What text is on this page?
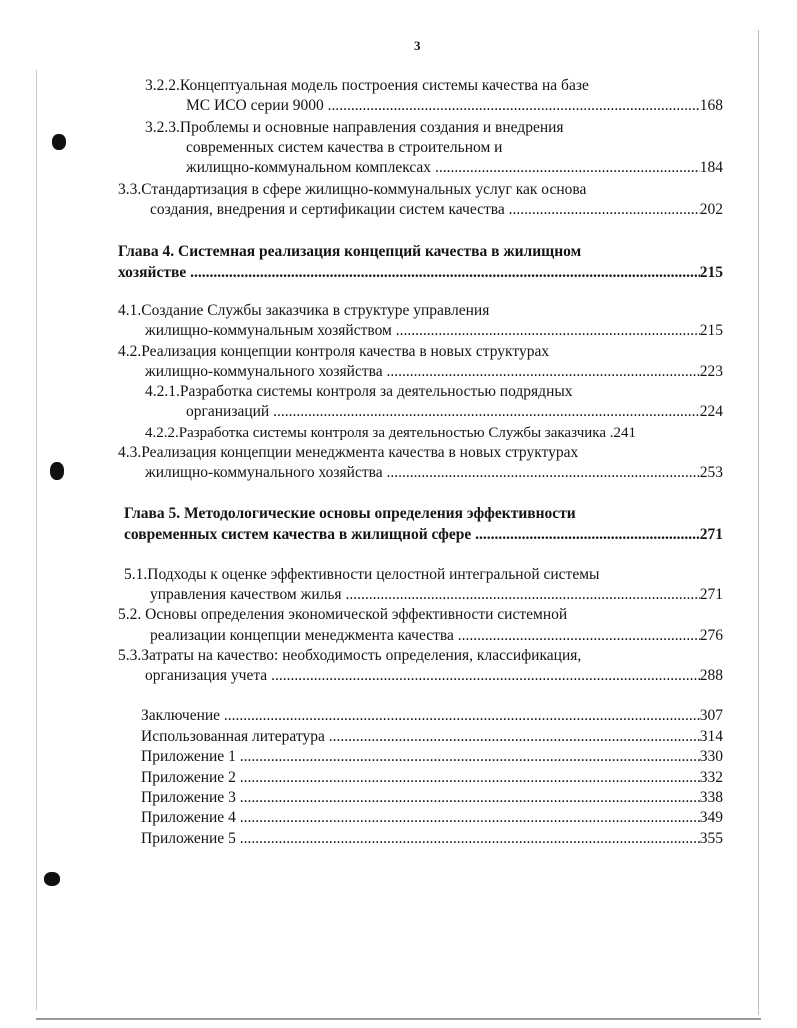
3
3.2.2.Концептуальная модель построения системы качества на базе
МС ИСО серии 9000 .....	168
3.2.3.Проблемы и основные направления создания и внедрения
современных систем качества в строительном и
жилищно-коммунальном комплексах .....	184
3.3.Стандартизация в сфере жилищно-коммунальных услуг как основа
создания, внедрения и сертификации систем качества .....	202
Глава 4. Системная реализация концепций качества в жилищном
хозяйстве .....	215
4.1.Создание Службы заказчика в структуре управления
жилищно-коммунальным хозяйством .....	215
4.2.Реализация концепции контроля качества в новых структурах
жилищно-коммунального хозяйства .....	223
4.2.1.Разработка системы контроля за деятельностью подрядных
организаций .....	224
4.2.2.Разработка системы контроля за деятельностью Службы заказчика .241
4.3.Реализация концепции менеджмента качества в новых структурах
жилищно-коммунального хозяйства .....	253
Глава 5. Методологические основы определения эффективности
современных систем качества в жилищной сфере .....	271
5.1.Подходы к оценке эффективности целостной интегральной системы
управления качеством жилья .....	271
5.2. Основы определения экономической эффективности системной
реализации концепции менеджмента качества .....	276
5.3.Затраты на качество: необходимость определения, классификация,
организация учета .....	288
Заключение .....	307
Использованная литература .....	314
Приложение 1 .....	330
Приложение 2 .....	332
Приложение 3 .....	338
Приложение 4 .....	349
Приложение 5 .....	355
